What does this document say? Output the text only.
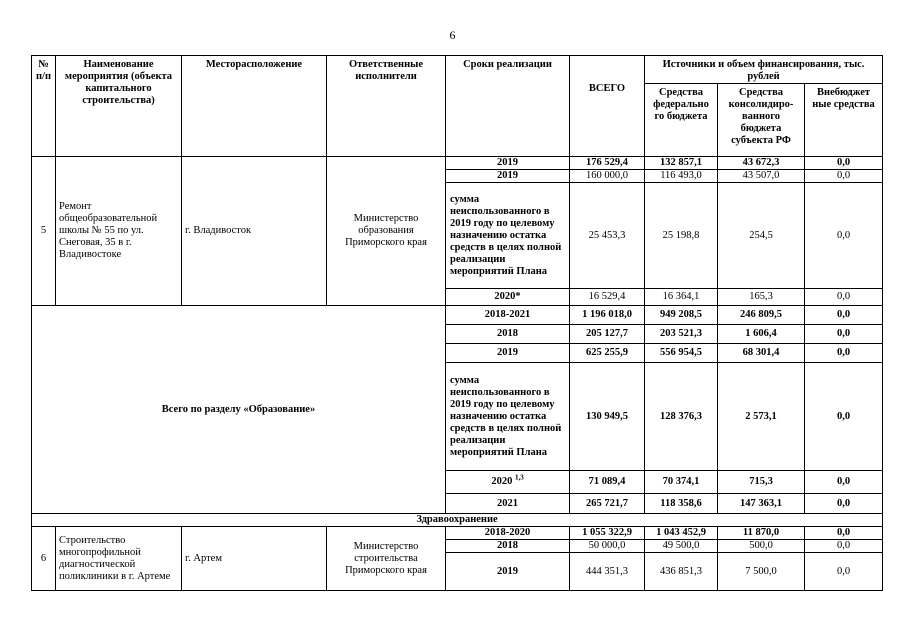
6
№ п/п	Наименование мероприятия (объекта капитального строительства)	Месторасположение	Ответственные исполнители	Сроки реализации	ВСЕГО	Источники и объем финансирования, тыс. рублей		
						Средства федерально го бюджета	Средства консолидиро-ванного бюджета субъекта РФ	Внебюджет ные средства
5	Ремонт общеобразовательной школы № 55 по ул. Снеговая, 35 в г. Владивостоке	г. Владивосток	Министерство образования Приморского края	2019	176 529,4	132 857,1	43 672,3	0,0
				2019	160 000,0	116 493,0	43 507,0	0,0
				сумма неиспользованного в 2019 году по целевому назначению остатка средств в целях полной реализации мероприятий Плана	25 453,3	25 198,8	254,5	0,0
				2020*	16 529,4	16 364,1	165,3	0,0
Всего по разделу «Образование»				2018-2021	1 196 018,0	949 208,5	246 809,5	0,0
				2018	205 127,7	203 521,3	1 606,4	0,0
				2019	625 255,9	556 954,5	68 301,4	0,0
				сумма неиспользованного в 2019 году по целевому назначению остатка средств в целях полной реализации мероприятий Плана	130 949,5	128 376,3	2 573,1	0,0
				2020 $^{1,3}$	71 089,4	70 374,1	715,3	0,0
				2021	265 721,7	118 358,6	147 363,1	0,0
Здравоохранение								
6	Строительство многопрофильной диагностической поликлиники в г. Артеме	г. Артем	Министерство строительства Приморского края	2018-2020	1 055 322,9	1 043 452,9	11 870,0	0,0
				2018	50 000,0	49 500,0	500,0	0,0
				2019	444 351,3	436 851,3	7 500,0	0,0
